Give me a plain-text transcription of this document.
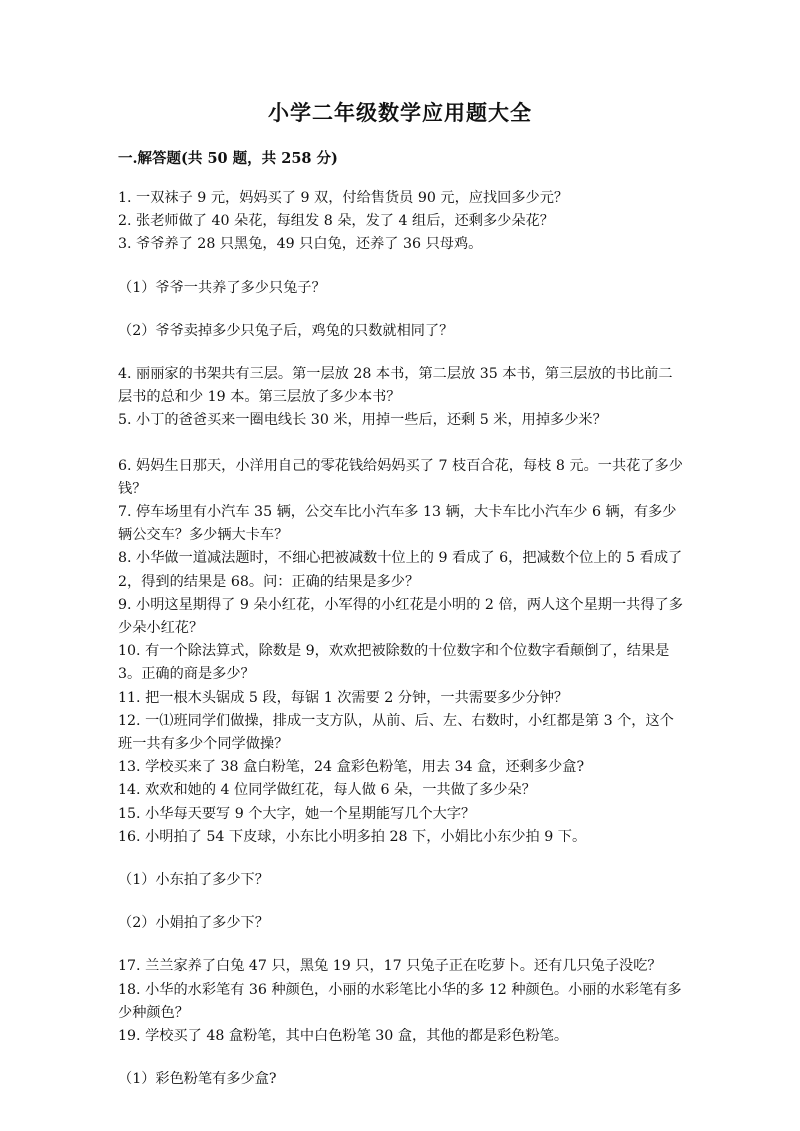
小学二年级数学应用题大全
一.解答题(共 50 题，共 258 分)

1. 一双袜子 9 元，妈妈买了 9 双，付给售货员 90 元，应找回多少元？

2. 张老师做了 40 朵花，每组发 8 朵，发了 4 组后，还剩多少朵花？

3. 爷爷养了 28 只黑兔，49 只白兔，还养了 36 只母鸡。

（1）爷爷一共养了多少只兔子？

（2）爷爷卖掉多少只兔子后，鸡兔的只数就相同了？

4. 丽丽家的书架共有三层。第一层放 28 本书，第二层放 35 本书，第三层放的书比前二层书的总和少 19 本。第三层放了多少本书？

5. 小丁的爸爸买来一圈电线长 30 米，用掉一些后，还剩 5 米，用掉多少米？

6. 妈妈生日那天，小洋用自己的零花钱给妈妈买了 7 枝百合花，每枝 8 元。一共花了多少钱？

7. 停车场里有小汽车 35 辆，公交车比小汽车多 13 辆，大卡车比小汽车少 6 辆，有多少辆公交车？多少辆大卡车？

8. 小华做一道减法题时，不细心把被减数十位上的 9 看成了 6，把减数个位上的 5 看成了 2，得到的结果是 68。问：正确的结果是多少？

9. 小明这星期得了 9 朵小红花，小军得的小红花是小明的 2 倍，两人这个星期一共得了多少朵小红花？

10. 有一个除法算式，除数是 9，欢欢把被除数的十位数字和个位数字看颠倒了，结果是 3。正确的商是多少？

11. 把一根木头锯成 5 段，每锯 1 次需要 2 分钟，一共需要多少分钟？

12. 一⑴班同学们做操，排成一支方队，从前、后、左、右数时，小红都是第 3 个，这个班一共有多少个同学做操？

13. 学校买来了 38 盒白粉笔，24 盒彩色粉笔，用去 34 盒，还剩多少盒?

14. 欢欢和她的 4 位同学做红花，每人做 6 朵，一共做了多少朵？

15. 小华每天要写 9 个大字，她一个星期能写几个大字？

16. 小明拍了 54 下皮球，小东比小明多拍 28 下，小娟比小东少拍 9 下。

（1）小东拍了多少下？

（2）小娟拍了多少下？

17. 兰兰家养了白兔 47 只，黑兔 19 只，17 只兔子正在吃萝卜。还有几只兔子没吃？

18. 小华的水彩笔有 36 种颜色，小丽的水彩笔比小华的多 12 种颜色。小丽的水彩笔有多少种颜色？

19. 学校买了 48 盒粉笔，其中白色粉笔 30 盒，其他的都是彩色粉笔。

（1）彩色粉笔有多少盒?
